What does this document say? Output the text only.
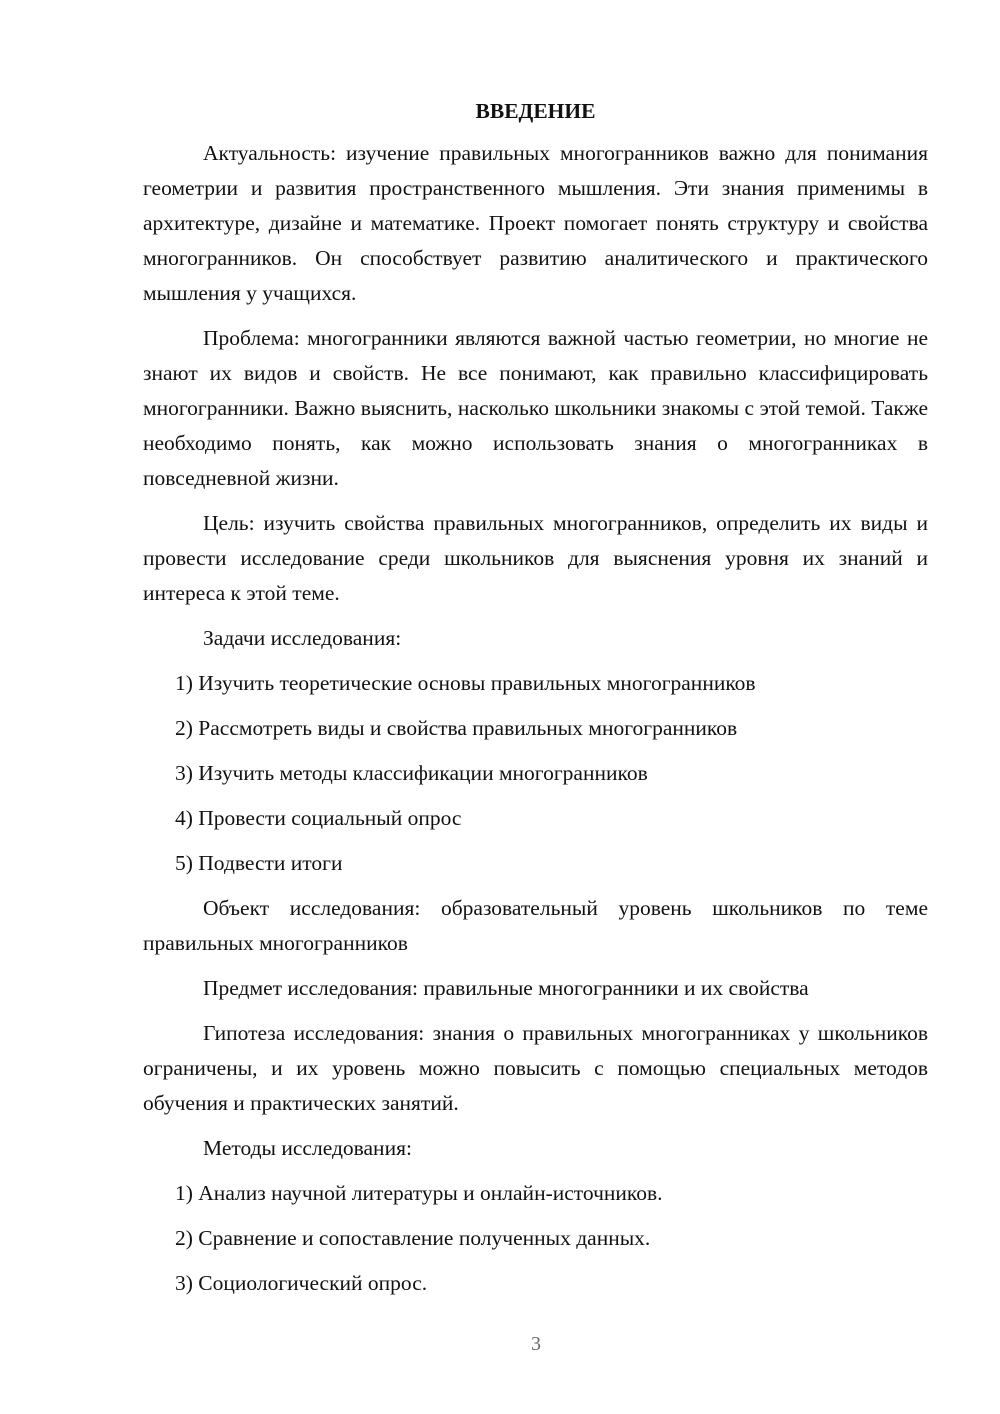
ВВЕДЕНИЕ

Актуальность: изучение правильных многогранников важно для понимания геометрии и развития пространственного мышления. Эти знания применимы в архитектуре, дизайне и математике. Проект помогает понять структуру и свойства многогранников. Он способствует развитию аналитического и практического мышления у учащихся.

Проблема: многогранники являются важной частью геометрии, но многие не знают их видов и свойств. Не все понимают, как правильно классифицировать многогранники. Важно выяснить, насколько школьники знакомы с этой темой. Также необходимо понять, как можно использовать знания о многогранниках в повседневной жизни.

Цель: изучить свойства правильных многогранников, определить их виды и провести исследование среди школьников для выяснения уровня их знаний и интереса к этой теме.

Задачи исследования:

1) Изучить теоретические основы правильных многогранников

2) Рассмотреть виды и свойства правильных многогранников

3) Изучить методы классификации многогранников

4) Провести социальный опрос

5) Подвести итоги

Объект исследования: образовательный уровень школьников по теме правильных многогранников

Предмет исследования: правильные многогранники и их свойства

Гипотеза исследования: знания о правильных многогранниках у школьников ограничены, и их уровень можно повысить с помощью специальных методов обучения и практических занятий.

Методы исследования:

1) Анализ научной литературы и онлайн-источников.

2) Сравнение и сопоставление полученных данных.

3) Социологический опрос.

3
